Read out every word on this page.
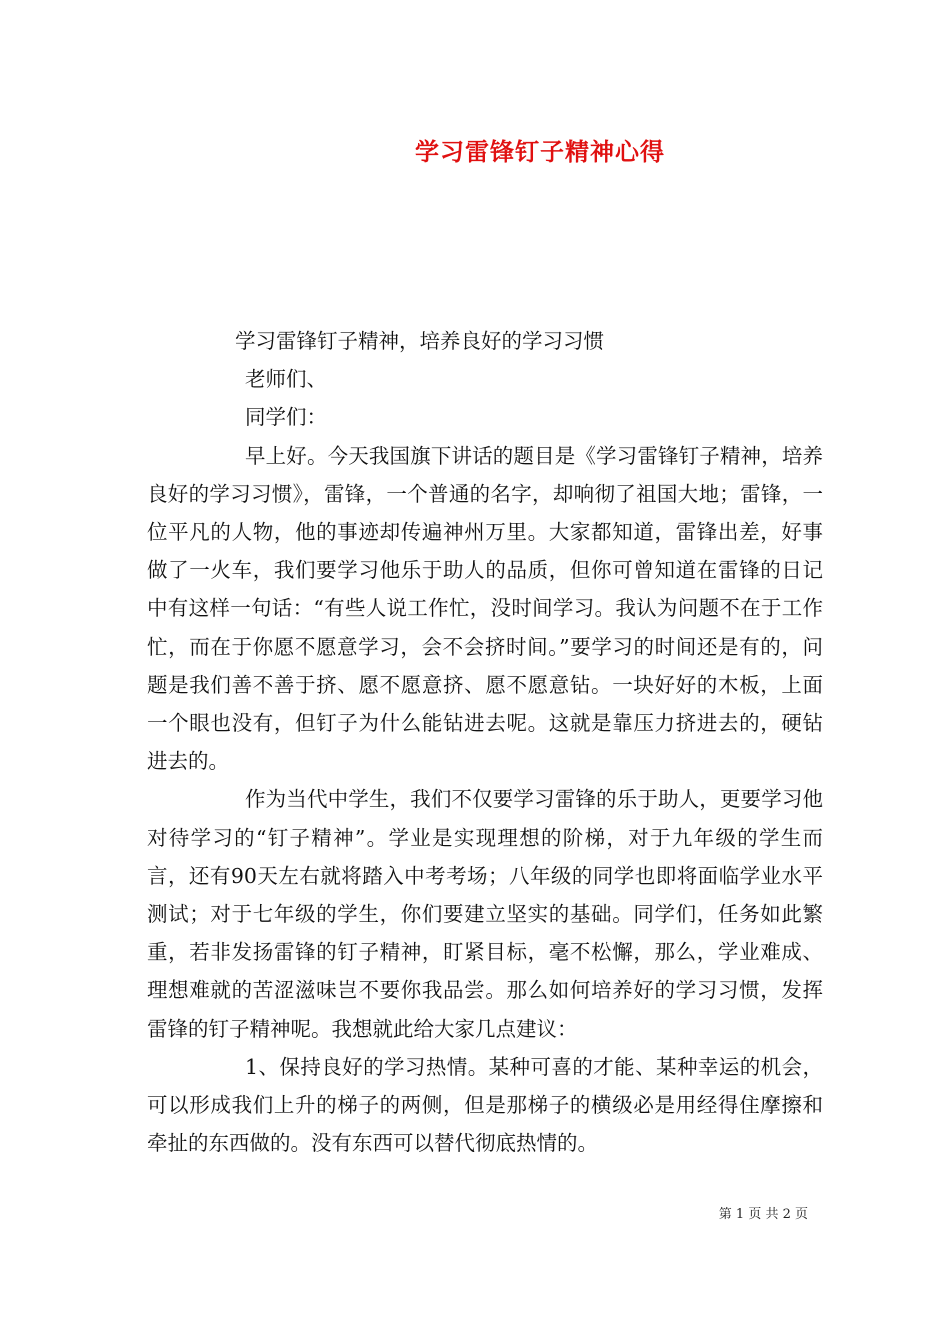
学习雷锋钉子精神心得
学习雷锋钉子精神，培养良好的学习习惯
老师们、
同学们：

早上好。今天我国旗下讲话的题目是《学习雷锋钉子精神，培养良好的学习习惯》，雷锋，一个普通的名字，却响彻了祖国大地；雷锋，一位平凡的人物，他的事迹却传遍神州万里。大家都知道，雷锋出差，好事做了一火车，我们要学习他乐于助人的品质，但你可曾知道在雷锋的日记中有这样一句话：“有些人说工作忙，没时间学习。我认为问题不在于工作忙，而在于你愿不愿意学习，会不会挤时间。”要学习的时间还是有的，问题是我们善不善于挤、愿不愿意挤、愿不愿意钻。一块好好的木板，上面一个眼也没有，但钉子为什么能钻进去呢。这就是靠压力挤进去的，硬钻进去的。

作为当代中学生，我们不仅要学习雷锋的乐于助人，更要学习他对待学习的“钉子精神”。学业是实现理想的阶梯，对于九年级的学生而言，还有90天左右就将踏入中考考场；八年级的同学也即将面临学业水平测试；对于七年级的学生，你们要建立坚实的基础。同学们，任务如此繁重，若非发扬雷锋的钉子精神，盯紧目标，毫不松懈，那么，学业难成、理想难就的苦涩滋味岂不要你我品尝。那么如何培养好的学习习惯，发挥雷锋的钉子精神呢。我想就此给大家几点建议：

1、保持良好的学习热情。某种可喜的才能、某种幸运的机会，可以形成我们上升的梯子的两侧，但是那梯子的横级必是用经得住摩擦和牵扯的东西做的。没有东西可以替代彻底热情的。

第 1 页 共 2 页
